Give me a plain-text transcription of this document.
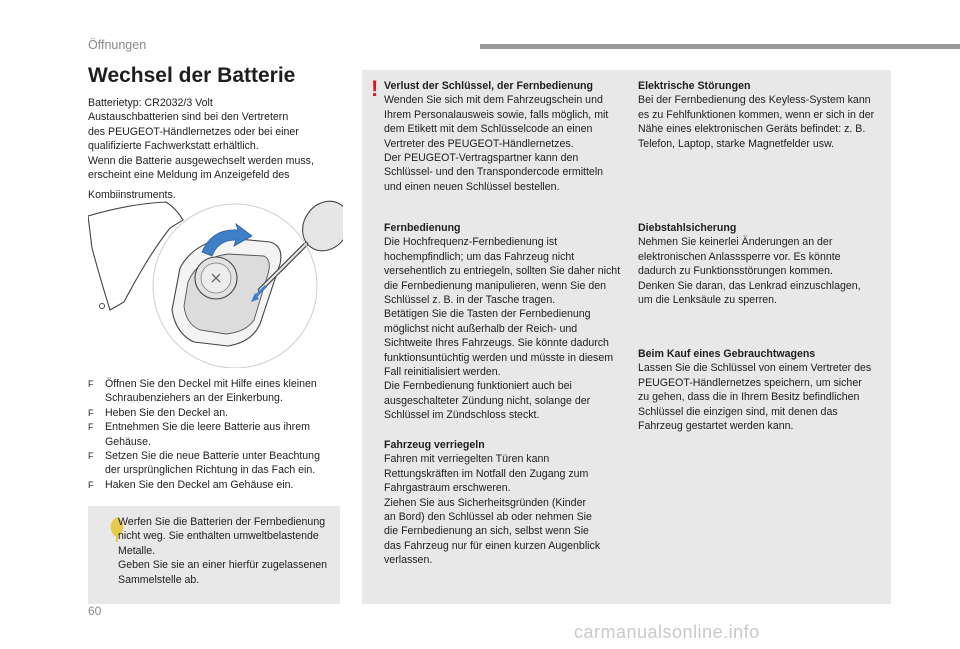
Öffnungen
Wechsel der Batterie

Batterietyp: CR2032/3 Volt

Austauschbatterien sind bei den Vertretern

des PEUGEOT-Händlernetzes oder bei einer

qualifizierte Fachwerkstatt erhältlich.

Wenn die Batterie ausgewechselt werden muss,

erscheint eine Meldung im Anzeigefeld des

Kombiinstruments.

F Öffnen Sie den Deckel mit Hilfe eines kleinen
Schraubenziehers an der Einkerbung.
F Heben Sie den Deckel an.
F Entnehmen Sie die leere Batterie aus ihrem
Gehäuse.
F Setzen Sie die neue Batterie unter Beachtung
der ursprünglichen Richtung in das Fach ein.
F Haken Sie den Deckel am Gehäuse ein.

Werfen Sie die Batterien der Fernbedienung

nicht weg. Sie enthalten umweltbelastende

Metalle.

Geben Sie sie an einer hierfür zugelassenen

Sammelstelle ab.

! Verlust der Schlüssel, der Fernbedienung

Wenden Sie sich mit dem Fahrzeugschein und

Ihrem Personalausweis sowie, falls möglich, mit

dem Etikett mit dem Schlüsselcode an einen

Vertreter des PEUGEOT-Händlernetzes.

Der PEUGEOT-Vertragspartner kann den

Schlüssel- und den Transpondercode ermitteln

und einen neuen Schlüssel bestellen.

Fernbedienung

Die Hochfrequenz-Fernbedienung ist

hochempfindlich; um das Fahrzeug nicht

versehentlich zu entriegeln, sollten Sie daher nicht

die Fernbedienung manipulieren, wenn Sie den

Schlüssel z. B. in der Tasche tragen.

Betätigen Sie die Tasten der Fernbedienung

möglichst nicht außerhalb der Reich- und

Sichtweite Ihres Fahrzeugs. Sie könnte dadurch

funktionsuntüchtig werden und müsste in diesem

Fall reinitialisiert werden.

Die Fernbedienung funktioniert auch bei

ausgeschalteter Zündung nicht, solange der

Schlüssel im Zündschloss steckt.

Fahrzeug verriegeln

Fahren mit verriegelten Türen kann

Rettungskräften im Notfall den Zugang zum

Fahrgastraum erschweren.

Ziehen Sie aus Sicherheitsgründen (Kinder

an Bord) den Schlüssel ab oder nehmen Sie

die Fernbedienung an sich, selbst wenn Sie

das Fahrzeug nur für einen kurzen Augenblick

verlassen.

Elektrische Störungen

Bei der Fernbedienung des Keyless-System kann

es zu Fehlfunktionen kommen, wenn er sich in der

Nähe eines elektronischen Geräts befindet: z. B.

Telefon, Laptop, starke Magnetfelder usw.

Diebstahlsicherung

Nehmen Sie keinerlei Änderungen an der

elektronischen Anlasssperre vor. Es könnte

dadurch zu Funktionsstörungen kommen.

Denken Sie daran, das Lenkrad einzuschlagen,

um die Lenksäule zu sperren.

Beim Kauf eines Gebrauchtwagens

Lassen Sie die Schlüssel von einem Vertreter des

PEUGEOT-Händlernetzes speichern, um sicher

zu gehen, dass die in Ihrem Besitz befindlichen

Schlüssel die einzigen sind, mit denen das

Fahrzeug gestartet werden kann.

60
carmanualsonline.info
